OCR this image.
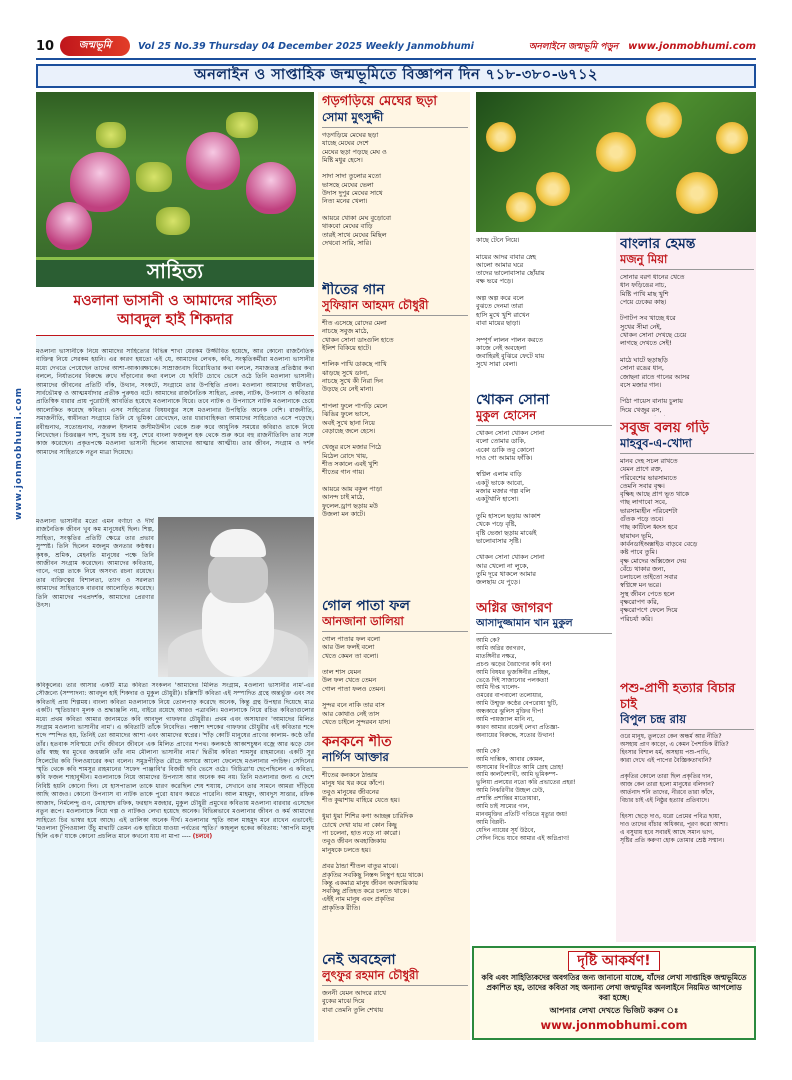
10	জন্মভূমি	Vol 25 No.39 Thursday 04 December 2025 Weekly Janmobhumi	অনলাইনে জন্মভূমি পড়ুন www.jonmobhumi.com
অনলাইন ও সাপ্তাহিক জন্মভূমিতে বিজ্ঞাপন দিন ৭১৮-৩৮০-৬৭১২
www.jonmobhumi.com
সাহিত্য
মওলানা ভাসানী ও আমাদের সাহিত্য
আবদুল হাই শিকদার
মওলানা ভাসানীকে নিয়ে আমাদের সাহিত্যের বিভিন্ন শাখা যেরকম উজ্জীবিত হয়েছে, আর কোনো রাজনৈতিক ব্যক্তিত্ব নিয়ে সেরকম হয়নি। এর কারণ হয়তো এই যে, আমাদের লেখক, কবি, সংস্কৃতিকর্মীরা মওলানা ভাসানীর মধ্যে দেখতে পেয়েছেন তাদের আশা-আকাঙ্ক্ষাকে। সাম্রাজ্যবাদ বিরোধিতার কথা বললে, সমাজতন্ত্র প্রতিষ্ঠার কথা বললে, নির্যাতনের বিরুদ্ধে রুখে দাঁড়ানোর কথা বললে যে ছবিটি চোখে ভেসে ওঠে তিনি মওলানা ভাসানী। আমাদের জীবনের প্রতিটি বাঁক, উত্থান, সংকটে, সংগ্রামে তার উপস্থিতি প্রবল। মওলানা আমাদের স্বাধীনতা, সার্বভৌমত্ব ও আত্মমর্যাদার প্রতীক পুরুষও বটে। আমাদের রাজনৈতিক সাহিত্য, প্রবন্ধ, নাটক, উপন্যাস ও কবিতার প্রাতিস্বিক ধারার প্রায় পুরোটাই আবর্তিত হয়েছে মওলানাকে ঘিরে। তবে নাটক ও উপন্যাসে নাটক মওলানাকে চেয়ে আলোকিত করেছে কবিতা। এসব সাহিত্যের বিষয়বস্তুর সঙ্গে মওলানার উপস্থিতি অনেক বেশি। রাজনীতি, সমাজনীতি, স্বাধীনতা সংগ্রামে তিনি যে ভূমিকা রেখেছেন, তার ধারাবাহিকতা আমাদের সাহিত্যেও এসে পড়েছে। রবীন্দ্রনাথ, সত্যেন্দ্রনাথ, নজরুল ইসলাম জসীমউদ্দীন থেকে শুরু করে আধুনিক সময়ের কবিরাও তাকে নিয়ে লিখেছেন। চিত্তরঞ্জন দাশ, সুভাষ চন্দ্র বসু, শেরে বাংলা ফজলুল হক থেকে শুরু করে বহু রাজনীতিবিদ তার সঙ্গে কাজ করেছেন। প্রকৃতপক্ষে মওলানা ভাসানী ছিলেন আমাদের আত্মার আত্মীয়। তার জীবন, সংগ্রাম ও দর্শন আমাদের সাহিত্যকে নতুন মাত্রা দিয়েছে।
মওলানা ভাসানীর মতো এমন বর্ণাঢ্য ও দীর্ঘ রাজনৈতিক জীবন খুব কম মানুষেরই ছিল। শিল্প, সাহিত্য, সংস্কৃতির প্রতিটি ক্ষেত্রে তার প্রভাব সুস্পষ্ট। তিনি ছিলেন মজলুম জনতার কণ্ঠস্বর। কৃষক, শ্রমিক, মেহনতি মানুষের পক্ষে তিনি আজীবন সংগ্রাম করেছেন। আমাদের কবিতায়, গানে, গল্পে তাকে নিয়ে অসংখ্য রচনা রয়েছে। তার ব্যক্তিত্বের বিশালতা, ত্যাগ ও সরলতা আমাদের সাহিত্যকে বারবার আলোড়িত করেছে। তিনি আমাদের পথপ্রদর্শক, আমাদের প্রেরণার উৎস।
কবিকুলের। তার আসার একটি মাত্র কবিতা সংকলন 'আমাদের মিলিত সংগ্রাম, মওলানা ভাসানীর নাম'-এর সৌজন্যে (সম্পাদনা: আবদুল হাই শিকদার ও মুকুল চৌধুরী)। চল্লিশটি কবিতা এই সম্পাদিত গ্রন্থে অন্তর্ভুক্ত এবং সব কবিতাই প্রায় শিল্পময়। বাংলা কবিতা মওলানাকে নিয়ে তোলপাড় করেছে অনেক, কিন্তু গ্রন্থ উপহার দিয়েছে মাত্র একটি। স্মৃতিচারণ মূলক ও শ্রদ্ধাঞ্জলি নয়, বাইরে রয়েছে আরও পত্রাবলি। মওলানাকে নিয়ে রচিত কবিতাগুলোর মধ্যে প্রথম কবিতা আমার জানামতে কবি আবদুল গাফফার চৌধুরীর। প্রথম এবং অসাধারণ 'আমাদের মিলিত সংগ্রাম মওলানা ভাসানীর নাম'। এ কবিতাটি তাঁকে নিবেদিত। পঞ্চাশ দশকের গাফফার চৌধুরীর এই কবিতার শব্দে শব্দে স্পন্দিত হয়, তিনিই তো আমাদের আশা এবং আমাদের স্বপ্নের। 'শাঁড় কোটি মানুষের প্রাণের কালাম- কণ্ঠে তাঁর তাঁর। হতবাক সবিস্ময়ে দেখি জীবনে জীবনে এক মিলিত প্রাণের শপথ। কলকণ্ঠে আকাশচুম্বন বজ্রে আর ঝড়ে যেন তাঁর স্বচ্ছ স্বর মুখের জয়ধ্বনি তাঁর নাম মৌলানা ভাসানীর নাম।' দ্বিতীয় কবিতা শামসুর রাহমানের। একটি সুর সিলেটের কবি দিলওয়ারের কথা বলেন। সমুদ্রপীড়িত রৌদ্রে অসারে আলো ফেলেছে মওলানার পদচিহ্ন। সেদিনের স্মৃতি থেকে কবি শামসুর রাহমানের 'সফেদ পাঞ্জাবি'র বিজয়ী ছবি ভেসে ওঠে। 'বিচিত্রা'য় ছেপেছিলেন এ কবিতা, কবি ফজল শাহাবুদ্দীন। মওলানাকে নিয়ে আমাদের উপন্যাস আর অনেক কম নয়। তিনি মওলানার জন্য এ দেশে নিবিষ্ট হয়নি কোনো দিন। যে হাসপাতাল তাকে ধারণ করেছিল শেষ শয্যায়, সেখানে তার সামনে আমরা দাঁড়িয়ে আছি আজও। কোনো উপন্যাস বা নাটক তাকে পুরো ধারণ করতে পারেনি। আল মাহমুদ, আবদুস সাত্তার, রফিক আজাদ, নির্মলেন্দু গুণ, মোহাম্মদ রফিক, ফরহাদ মজহার, মুকুল চৌধুরী প্রমুখের কবিতায় মওলানা বারবার এসেছেন নতুন রূপে। মওলানাকে নিয়ে গল্প ও নাটকও লেখা হয়েছে অনেক। বিভিন্নভাবে মওলানার জীবন ও কর্ম আমাদের সাহিত্যে চির ভাস্বর হয়ে আছে। এই তালিকা অনেক দীর্ঘ। মওলানার স্মৃতি আল মাহমুদ মনে রাখেন এভাবেই: 'মওলানা টুপিওয়ালা উঁচু মাথাটি তেমন এক হারিয়ে যাওয়া পর্বতের স্মৃতি।' কাহলুল হকের কবিতায়: 'আপনি মানুষ ছিলি এক।' যাকে কোনো প্রচলিত মানে কখনো যায় না মাপা ---- (চলবে)
গড়গড়িয়ে মেঘের ছড়া
সোমা মুৎসুদ্দী
গড়গড়িয়ে মেঘের ছড়া
যাচ্ছে মেঘের দেশে
মেঘের ছড়া পড়ছে মেঘ ও
মিষ্টি মধুর হেসে।

সাদা সাদা তুলোর মতো
ভাসছে মেঘের ভেলা
উদাস দুপুর মেঘের সাথে
নিত্য মনের খেলা।

আয়রে খোকা মেঘ বুড়োবো
থাকবো মেঘের বাড়ি
তারই সাথে মেঘের মিছিল
দেখবো সারি, সারি।
শীতের গান
সুফিয়ান আহমদ চৌধুরী
শীত এসেছে রোদের মেলা
নাচছে সবুজ মাঠে,
খোকন সোনা ডাংগুলি হাতে
ইলিশ বিকিয়ে হাটে।

শালিক পাখি ডাকছে পাখি
ঝাড়ছে সুখে ডানা,
নাচছে সুখে কী নিরা দিন
উড়ছে যে নেই মানা।

শাপলা ফুলে পাপড়ি মেলে
ঝিঙির ফুলে ভাসে,
অবই সুখে ছানা নিয়ে
বেড়াচ্ছে জলে হেসে।

খেজুর রসে মজার পিঠে
মিঠেল রোদে খায়,
শীত সকালে এবই খুশি
শীতের গান গায়।

আয়রে আয় বকুল পাড়া
আনন্দ চাই মাঠে,
ফুলেল.ড্রাণ ছড়ায় মউ
উজলা মন কাটে।
গোল পাতা ফল
আনজানা ডালিয়া
গোল পাতার ফল বলো
আর উল ফলই বলো
খেতে কেমন তা বলো।

তাল শাস যেমন
উল ফল খেতে তেমন
গোল পাতা ফলও তেমন।

সুন্দর বনে নাকি তার বাস
আর কোথাও নেই তাস
খেতে চাইলে সুন্দরবন যাস।
কনকনে শীত
নার্গিস আক্তার
শীতের কনকনে ঠান্ডায়
মানুষ থর থর করে কাঁপে।
তবুও মানুষের জীবনের
শীত কুয়াশায় বাহিরে যেতে হয়।

ধুয়া ধুয়া শিশির কণা আচ্ছন্ন চারিদিক
চোখে দেখা যায় না কোন কিছু
পা চলেনা, হাত নড়ে না কারো।
তবুও জীবন অবহাজিকায়
মানুষকে চলতে হয়।

প্রবর ঠান্ডা শীতল বাতুর মাঝে।
প্রকৃতির সবকিছু নিস্তব্দ নিস্থুপ হয়ে থাকে।
কিন্তু একমাত্র মানুষ জীবন অবদায়িকায়
সবকিছু প্রতিহত করে চলতে থাকে।
এইই নাম মানুষ এবং প্রকৃতির
প্রাকৃতিক রীতি।
নেই অবহেলা
লুৎফুর রহমান চৌধুরী
জননী যেমন আদরে রাখে
বুকের মাঝে দিয়ে
বাবা তেমনি তুলি শেখায়
কাছে টেনে নিয়ে।

মায়ের আদর বাবার স্নেহ
আলো আমার ঘরে
তাদের ভালোবাসার ছোঁয়ায়
বক্ষ ভরে পড়ে।

অল্প অল্প করে বলে
বুঝতে দেনমা তারা
হাসি মুখে খুশি রাখেন
বাবা মায়ের ছাড়া।

সম্পূর্ণ লালন পালন করতে
কাজে নেই অবহেলা
জবাহিরই বুঝিরে ফেটে যায়
সুখে সারা বেলা।
খোকন সোনা
মুকুল হোসেন
খোকন সোনা খোকন সোনা
বলো তোমার ডাকি,
একো ডাকি তবু কোনো
দাও গো আমায় ফাঁকি।

স্বপ্নিল এলাম বাড়ি
একটু ভাকে আবো,
মজার মজার গল্প বলি
একটুখানি হাসো।

তুমি হাসলে ছড়ায় আকাশ
খেকে পড়ে বৃষ্টি,
বৃষ্টি ভেজা ছড়ায় মাঝেই
ভালোবাসার সৃষ্টি।

খোকন সোনা খোকন সোনা
আর খেলো না লুকে,
তুমি দূরে থাকলে আমার
জলছায় যে পুড়ে।
অগ্নির জাগরণ
আসাদুজ্জামান খান মুকুল
আমি কে?
আমি অগ্নির জাগরণ,
মাতঙ্গিনীর নক্ষত্র,
প্রচণ্ড ঝড়ের বৈরাগ্যের কবি বন!
আমি বিষধর ভুজঙ্গিনীর প্রচ্ছিন্ন,
ভেঙে দিই সাজানোর পলকতা!
আমি দীপ্ত খালেদ-
ওমরের বাপবালো তলোয়ার,
আমি উন্মুক্ত কণ্ঠের বেপরোয়া ছুটি,
অন্ধকারে ঝুলিস মুক্তির দীপ!
আমি পায়জ্যাল মানি না,
কারণ আমার রক্তেই লেখা প্রতিজ্ঞা-
অন্যায়ের বিরুদ্ধে, সত্যের উত্থান!

আমি কে?
আমি দাম্ভিক, আবার কোমল,
অসাম্যের বিপরীতে আমি দ্রোহ দ্রোহ!
আমি কালবৈশাখী, আমি ভূমিকম্প-
ভুলিয়া প্রলয়ের নতো করি প্রভাতের প্রহর!
আমি নিঝরিণীর উচ্ছল ঢেউ,
প্রশান্তি প্রশান্তির মাতোয়ারা,
আমি চাই সাম্যের গান,
মানবমুক্তির প্রতিটি গণ্ডিতে মৃত্যুর জয়!
আমি বিপ্লবী-
যেদিন ন্যায়ের সূর্য উঠবে,
সেদিন নিভে যাবে আমার এই অগ্নিপ্রাণ!
বাংলার হেমন্ত
মজনু মিয়া
সোনার বরণ ধানের খেতে
ধান ফড়িঙের নাচ,
মিষ্টি পাখি মাছ খুশি
পেয়ে ঢেকের কাছ।

টপাটপ সব খাচ্ছে ধরে
সুখের সীমা নেই,
খোকন সোনা দেখছে চেয়ে
লাগছে দেখতে সেই!

মাঠে ঘাটে ছড়াছড়ি
সোনা রঙের ধান,
জোছনা রাতে গানের আসর
বসে মজার গান।

পিঠা পায়েস বানায় চুলায়
দিয়ে খেজুর রস,

সবুজ বলয় গড়ি
মাহবুব-এ-খোদা
মানব দেহ সচল রাখতে
যেমন প্রাণে রক্ত,
পরিবেশের ভারসাম্যতে
তেমনি সবার বৃক্ষ।
বৃক্ষিহ আছে প্রাণ ভূত থাকে
গাছ লাগাবো সবে,
ভারসাম্যহীন পরিবেশটা
গুঁতক পড়ে তবে।
গাছ কাটিলে ধ্বংস হবে
ছায়াঘন ভূমি,
কার্বনডাইঅক্সাইড বাড়বে বেড়ে
কষ্ট পাবে তুমি।
বৃক্ষ মোদের অক্সিজেন দেয়
বেঁচে থাকার জন্য,
চলাচলে তাইতো সবার
স্বপ্নিঙ্গে মন ভরে।
সুস্থ জীবন পেতে হলে
বৃক্ষরোপণ করি,
বৃক্ষরোপণে ফেলে দিয়ে
পরিচর্যা করি।
পশু-প্রাণী হত্যার বিচার চাই
বিপুল চন্দ্র রায়
ওরে মানুষ, তুলতো কেন অন্ধর্ম আর নীতি?
অসহায় প্রাণ কাড়ো, এ কেমন পৈশাচিক রীতি?
হিংসার বিশাল ধর্ম, অসহায় পশু-পাখি,
কারা দেখে এই পাপের বৈজ্ঞিকতাখানি?

প্রকৃতির কোলে তারা ছিল প্রকৃতির দান,
আজ কেন তারা হলো মানুষের বলিদান?
আর্তনাদ শনি তাদের, নীরবে তারা কাঁদে,
বিচার চাই এই নিষ্ঠুর হত্যার প্রতিবাদে।

হিংসা ছেড়ে দাও, ধরো প্রেমের পবিত্র ছায়া,
দাও তাদের বাঁচার অধিকার, পূরণ করো আশা।
এ বসুধায় হবে সবারই আছে সমান ভাগ,
সৃষ্টির প্রতি করুণা হোক তোমার শ্রেষ্ঠ সম্মান।
দৃষ্টি আকর্ষণ!
কবি এবং সাহিত্যিকদের অবগতির জন্য জানানো যাচ্ছে, যাঁদের লেখা সাপ্তাহিক জন্মভূমিতে প্রকাশিত হয়, তাদের কবিতা সহ অন্যান্য লেখা জন্মভূমির অনলাইনে নিয়মিত আপলোড করা হচ্ছে।
আপনার লেখা দেখতে ভিজিট করুন ঃ
www.jonmobhumi.com
